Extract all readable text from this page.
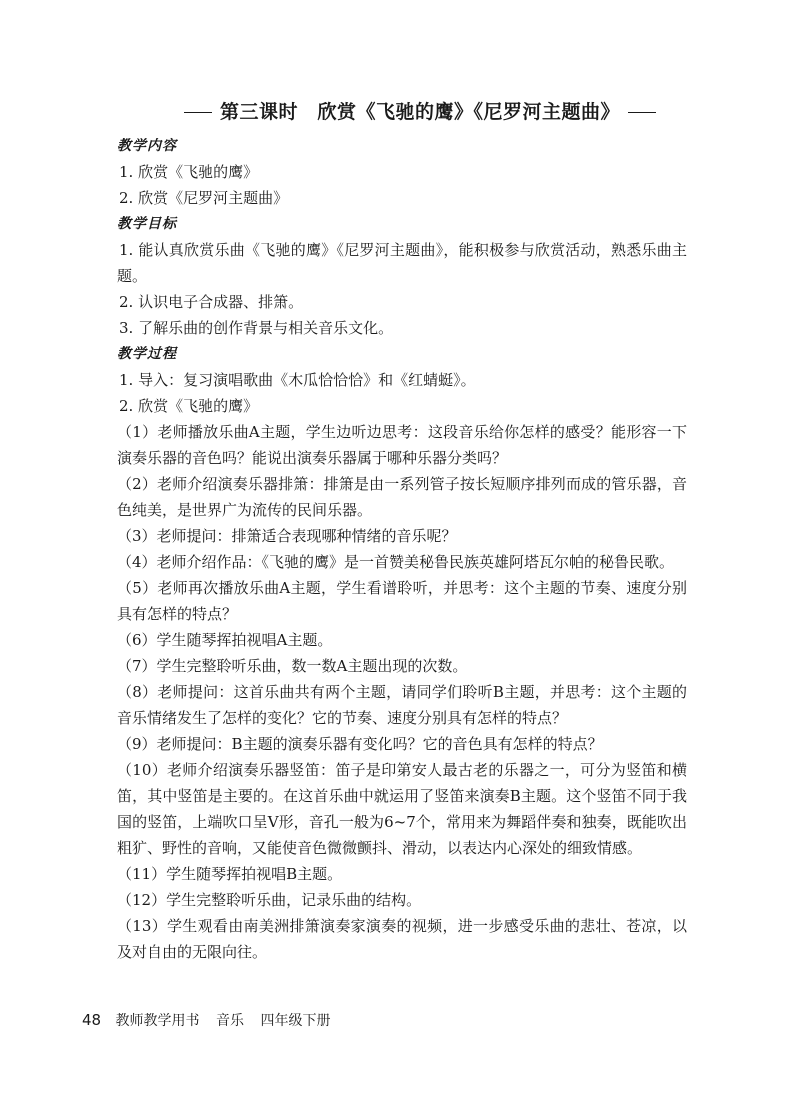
第三课时　欣赏《飞驰的鹰》《尼罗河主题曲》

教学内容

1. 欣赏《飞驰的鹰》

2. 欣赏《尼罗河主题曲》

教学目标

1. 能认真欣赏乐曲《飞驰的鹰》《尼罗河主题曲》，能积极参与欣赏活动，熟悉乐曲主题。

2. 认识电子合成器、排箫。

3. 了解乐曲的创作背景与相关音乐文化。

教学过程

1. 导入：复习演唱歌曲《木瓜恰恰恰》和《红蜻蜓》。

2. 欣赏《飞驰的鹰》

（1）老师播放乐曲A主题，学生边听边思考：这段音乐给你怎样的感受？能形容一下演奏乐器的音色吗？能说出演奏乐器属于哪种乐器分类吗？

（2）老师介绍演奏乐器排箫：排箫是由一系列管子按长短顺序排列而成的管乐器，音色纯美，是世界广为流传的民间乐器。

（3）老师提问：排箫适合表现哪种情绪的音乐呢？

（4）老师介绍作品：《飞驰的鹰》是一首赞美秘鲁民族英雄阿塔瓦尔帕的秘鲁民歌。

（5）老师再次播放乐曲A主题，学生看谱聆听，并思考：这个主题的节奏、速度分别具有怎样的特点？

（6）学生随琴挥拍视唱A主题。

（7）学生完整聆听乐曲，数一数A主题出现的次数。

（8）老师提问：这首乐曲共有两个主题，请同学们聆听B主题，并思考：这个主题的音乐情绪发生了怎样的变化？它的节奏、速度分别具有怎样的特点？

（9）老师提问：B主题的演奏乐器有变化吗？它的音色具有怎样的特点？

（10）老师介绍演奏乐器竖笛：笛子是印第安人最古老的乐器之一，可分为竖笛和横笛，其中竖笛是主要的。在这首乐曲中就运用了竖笛来演奏B主题。这个竖笛不同于我国的竖笛，上端吹口呈V形，音孔一般为6~7个，常用来为舞蹈伴奏和独奏，既能吹出粗犷、野性的音响，又能使音色微微颤抖、滑动，以表达内心深处的细致情感。

（11）学生随琴挥拍视唱B主题。

（12）学生完整聆听乐曲，记录乐曲的结构。

（13）学生观看由南美洲排箫演奏家演奏的视频，进一步感受乐曲的悲壮、苍凉，以及对自由的无限向往。

48 教师教学用书 音乐 四年级下册
